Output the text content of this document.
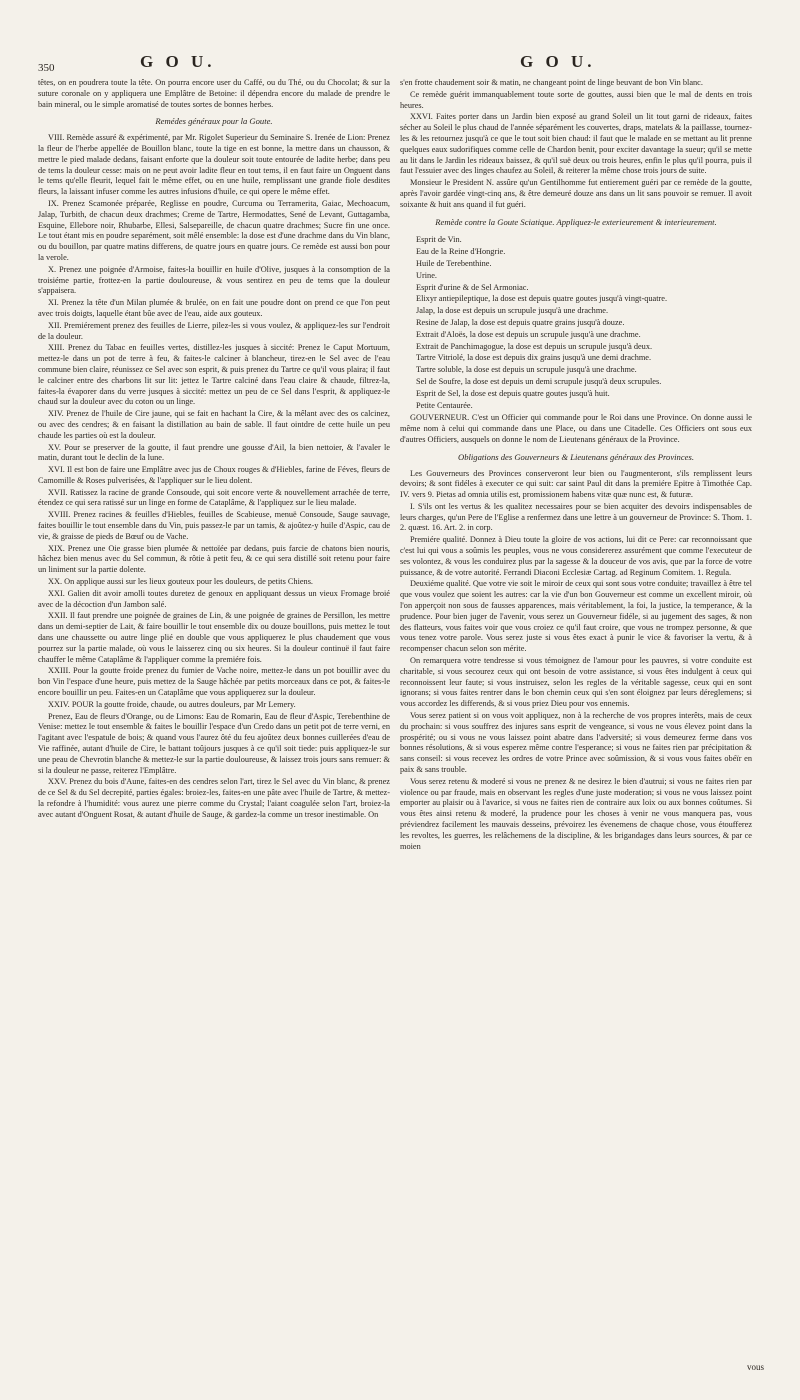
350	G O U.	G O U.

têtes, on en poudrera toute la tête. On pourra encore user du Caffé, ou du Thé, ou du Chocolat; & sur la suture coronale on y appliquera une Emplâtre de Betoine: il dépendra encore du malade de prendre le bain mineral, ou le simple aromatisé de toutes sortes de bonnes herbes.

Remédes généraux pour la Goute.

VIII. Remède assuré & expérimenté, par Mr. Rigolet Superieur du Seminaire S. Irenée de Lion: Prenez la fleur de l'herbe appellée de Bouillon blanc, toute la tige en est bonne, la mettre dans un chausson, & mettre le pied malade dedans, faisant enforte que la douleur soit toute entourée de ladite herbe; dans peu de tems la douleur cesse: mais on ne peut avoir ladite fleur en tout tems, il en faut faire un Onguent dans le tems qu'elle fleurit, lequel fait le même effet, ou en une huile, remplissant une grande fiole desdites fleurs, la laissant infuser comme les autres infusions d'huile, ce qui opere le même effet.

IX. Prenez Scamonée préparée, Reglisse en poudre, Curcuma ou Terramerita, Gaiac, Mechoacum, Jalap, Turbith, de chacun deux drachmes; Creme de Tartre, Hermodattes, Sené de Levant, Guttagamba, Esquine, Ellebore noir, Rhubarbe, Ellesi, Salsepareille, de chacun quatre drachmes; Sucre fin une once. Le tout étant mis en poudre separément, soit mêlé ensemble: la dose est d'une drachme dans du Vin blanc, ou du bouillon, par quatre matins differens, de quatre jours en quatre jours. Ce remède est aussi bon pour la verole.

X. Prenez une poignée d'Armoise, faites-la bouillir en huile d'Olive, jusques à la consomption de la troisiéme partie, frottez-en la partie douloureuse, & vous sentirez en peu de tems que la douleur s'appaisera.

XI. Prenez la tête d'un Milan plumée & brulée, on en fait une poudre dont on prend ce que l'on peut avec trois doigts, laquelle étant bûe avec de l'eau, aide aux gouteux.

XII. Premiérement prenez des feuilles de Lierre, pilez-les si vous voulez, & appliquez-les sur l'endroit de la douleur.

XIII. Prenez du Tabac en feuilles vertes, distillez-les jusques à siccité: Prenez le Caput Mortuum, mettez-le dans un pot de terre à feu, & faites-le calciner à blancheur, tirez-en le Sel avec de l'eau commune bien claire, réunissez ce Sel avec son esprit, & puis prenez du Tartre ce qu'il vous plaira; il faut le calciner entre des charbons lit sur lit: jettez le Tartre calciné dans l'eau claire & chaude, filtrez-la, faites-la évaporer dans du verre jusques à siccité: mettez un peu de ce Sel dans l'esprit, & appliquez-le chaud sur la douleur avec du coton ou un linge.

XIV. Prenez de l'huile de Cire jaune, qui se fait en hachant la Cire, & la mêlant avec des os calcinez, ou avec des cendres; & en faisant la distillation au bain de sable. Il faut ointdre de cette huile un peu chaude les parties où est la douleur.

XV. Pour se preserver de la goutte, il faut prendre une gousse d'Ail, la bien nettoier, & l'avaler le matin, durant tout le declin de la lune.

XVI. Il est bon de faire une Emplâtre avec jus de Choux rouges & d'Hiebles, farine de Féves, fleurs de Camomille & Roses pulverisées, & l'appliquer sur le lieu dolent.

XVII. Ratissez la racine de grande Consoude, qui soit encore verte & nouvellement arrachée de terre, étendez ce qui sera ratissé sur un linge en forme de Cataplâme, & l'appliquez sur le lieu malade.

XVIII. Prenez racines & feuilles d'Hiebles, feuilles de Scabieuse, menuë Consoude, Sauge sauvage, faites bouillir le tout ensemble dans du Vin, puis passez-le par un tamis, & ajoûtez-y huile d'Aspic, cau de vie, & graisse de pieds de Bœuf ou de Vache.

XIX. Prenez une Oie grasse bien plumée & nettoïée par dedans, puis farcie de chatons bien nouris, hâchez bien menus avec du Sel commun, & rôtie à petit feu, & ce qui sera distillé soit retenu pour faire un liniment sur la partie dolente.

XX. On applique aussi sur les lieux gouteux pour les douleurs, de petits Chiens.

XXI. Galien dit avoir amolli toutes duretez de genoux en appliquant dessus un vieux Fromage broié avec de la décoction d'un Jambon salé.

XXII. Il faut prendre une poignée de graines de Lin, & une poignée de graines de Persillon, les mettre dans un demi-septier de Lait, & faire bouillir le tout ensemble dix ou douze bouillons, puis mettez le tout dans une chaussette ou autre linge plié en double que vous appliquerez le plus chaudement que vous pourrez sur la partie malade, où vous le laisserez cinq ou six heures. Si la douleur continuë il faut faire chauffer le même Cataplâme & l'appliquer comme la premiére fois.

XXIII. Pour la goutte froide prenez du fumier de Vache noire, mettez-le dans un pot bouillir avec du bon Vin l'espace d'une heure, puis mettez de la Sauge hâchée par petits morceaux dans ce pot, & faites-le encore bouillir un peu. Faites-en un Cataplâme que vous appliquerez sur la douleur.

XXIV. POUR la goutte froide, chaude, ou autres douleurs, par Mr Lemery.

Prenez, Eau de fleurs d'Orange, ou de Limons: Eau de Romarin, Eau de fleur d'Aspic, Terebenthine de Venise: mettez le tout ensemble & faites le bouillir l'espace d'un Credo dans un petit pot de terre verni, en l'agitant avec l'espatule de bois; & quand vous l'aurez ôté du feu ajoûtez deux bonnes cuillerées d'eau de Vie raffinée, autant d'huile de Cire, le battant toûjours jusques à ce qu'il soit tiede: puis appliquez-le sur une peau de Chevrotin blanche & mettez-le sur la partie douloureuse, & laissez trois jours sans remuer: & si la douleur ne passe, reiterez l'Emplâtre.

XXV. Prenez du bois d'Aune, faites-en des cendres selon l'art, tirez le Sel avec du Vin blanc, & prenez de ce Sel & du Sel decrepité, parties égales: broiez-les, faites-en une pâte avec l'huile de Tartre, & mettez-la refondre à l'humidité: vous aurez une pierre comme du Crystal; l'aiant coagulée selon l'art, broiez-la avec autant d'Onguent Rosat, & autant d'huile de Sauge, & gardez-la comme un tresor inestimable. On

s'en frotte chaudement soir & matin, ne changeant point de linge beuvant de bon Vin blanc.

Ce remède guérit immanquablement toute sorte de gouttes, aussi bien que le mal de dents en trois heures.

XXVI. Faites porter dans un Jardin bien exposé au grand Soleil un lit tout garni de rideaux, faites sécher au Soleil le plus chaud de l'année séparément les couvertes, draps, matelats & la paillasse, tournez-les & les retournez jusqu'à ce que le tout soit bien chaud: il faut que le malade en se mettant au lit prenne quelques eaux sudorifiques comme celle de Chardon benit, pour exciter davantage la sueur; qu'il se mette au lit dans le Jardin les rideaux baissez, & qu'il suë deux ou trois heures, enfin le plus qu'il pourra, puis il faut l'essuier avec des linges chaufez au Soleil, & reiterer la même chose trois jours de suite.

Monsieur le President N. assûre qu'un Gentilhomme fut entierement guéri par ce remède de la goutte, après l'avoir gardée vingt-cinq ans, & être demeuré douze ans dans un lit sans pouvoir se remuer. Il avoit soixante & huit ans quand il fut guéri.

Remède contre la Goute Sciatique. Appliquez-le exterieurement & interieurement.
Esprit de Vin.
Eau de la Reine d'Hongrie.
Huile de Terebenthine.
Urine.
Esprit d'urine & de Sel Armoniac.
Elixyr antiepileptique, la dose est depuis quatre goutes jusqu'à vingt-quatre.
Jalap, la dose est depuis un scrupule jusqu'à une drachme.
Resine de Jalap, la dose est depuis quatre grains jusqu'à douze.
Extrait d'Aloës, la dose est depuis un scrupule jusqu'à une drachme.
Extrait de Panchimagogue, la dose est depuis un scrupule jusqu'à deux.
Tartre Vitriolé, la dose est depuis dix grains jusqu'à une demi drachme.
Tartre soluble, la dose est depuis un scrupule jusqu'à une drachme.
Sel de Soufre, la dose est depuis un demi scrupule jusqu'à deux scrupules.
Esprit de Sel, la dose est depuis quatre goutes jusqu'à huit.
Petite Centaurée.

GOUVERNEUR. C'est un Officier qui commande pour le Roi dans une Province. On donne aussi le même nom à celui qui commande dans une Place, ou dans une Citadelle. Ces Officiers ont sous eux d'autres Officiers, ausquels on donne le nom de Lieutenans généraux de la Province.

Obligations des Gouverneurs & Lieutenans généraux des Provinces.

Les Gouverneurs des Provinces conserveront leur bien ou l'augmenteront, s'ils remplissent leurs devoirs; & sont fidéles à executer ce qui suit: car saint Paul dit dans la premiére Epitre à Timothée Cap. IV. vers 9. Pietas ad omnia utilis est, promissionem habens vitæ quæ nunc est, & futuræ.

I. S'ils ont les vertus & les qualitez necessaires pour se bien acquiter des devoirs indispensables de leurs charges, qu'un Pere de l'Eglise a renfermez dans une lettre à un gouverneur de Province: S. Thom. 1. 2. quæst. 16. Art. 2. in corp.

Premiére qualité. Donnez à Dieu toute la gloire de vos actions, lui dit ce Pere: car reconnoissant que c'est lui qui vous a soûmis les peuples, vous ne vous considererez assurément que comme l'executeur de ses volontez, & vous les conduirez plus par la sagesse & la douceur de vos avis, que par la force de votre puissance, & de votre autorité. Ferrandi Diaconi Ecclesiæ Cartag. ad Reginum Comitem. 1. Regula.

Deuxiéme qualité. Que votre vie soit le miroir de ceux qui sont sous votre conduite; travaillez à être tel que vous voulez que soient les autres: car la vie d'un bon Gouverneur est comme un excellent miroir, où l'on apperçoit non sous de fausses apparences, mais véritablement, la foi, la justice, la temperance, & la prudence. Pour bien juger de l'avenir, vous serez un Gouverneur fidéle, si au jugement des sages, & non des flatteurs, vous faites voir que vous croiez ce qu'il faut croire, que vous ne trompez personne, & que vous tenez votre parole. Vous serez juste si vous êtes exact à punir le vice & favoriser la vertu, & à recompenser chacun selon son mérite.

On remarquera votre tendresse si vous témoignez de l'amour pour les pauvres, si votre conduite est charitable, si vous secourez ceux qui ont besoin de votre assistance, si vous êtes indulgent à ceux qui reconnoissent leur faute; si vous instruisez, selon les regles de la véritable sagesse, ceux qui en sont ignorans; si vous faites rentrer dans le bon chemin ceux qui s'en sont éloignez par leurs déreglemens; si vous accordez les differends, & si vous priez Dieu pour vos ennemis.

Vous serez patient si on vous voit appliquez, non à la recherche de vos propres interêts, mais de ceux du prochain: si vous souffrez des injures sans esprit de vengeance, si vous ne vous élevez point dans la prospérité; ou si vous ne vous laissez point abatre dans l'adversité; si vous demeurez ferme dans vos bonnes résolutions, & si vous esperez même contre l'esperance; si vous ne faites rien par précipitation & sans conseil: si vous recevez les ordres de votre Prince avec soûmission, & si vous vous faites obéïr en paix & sans trouble.

Vous serez retenu & moderé si vous ne prenez & ne desirez le bien d'autrui; si vous ne faites rien par violence ou par fraude, mais en observant les regles d'une juste moderation; si vous ne vous laissez point emporter au plaisir ou à l'avarice, si vous ne faites rien de contraire aux loix ou aux bonnes coûtumes. Si vous êtes ainsi retenu & moderé, la prudence pour les choses à venir ne vous manquera pas, vous préviendrez facilement les mauvais desseins, prévoirez les évenemens de chaque chose, vous étoufferez les revoltes, les guerres, les relâchemens de la discipline, & les brigandages dans leurs sources, & par ce moien

vous
